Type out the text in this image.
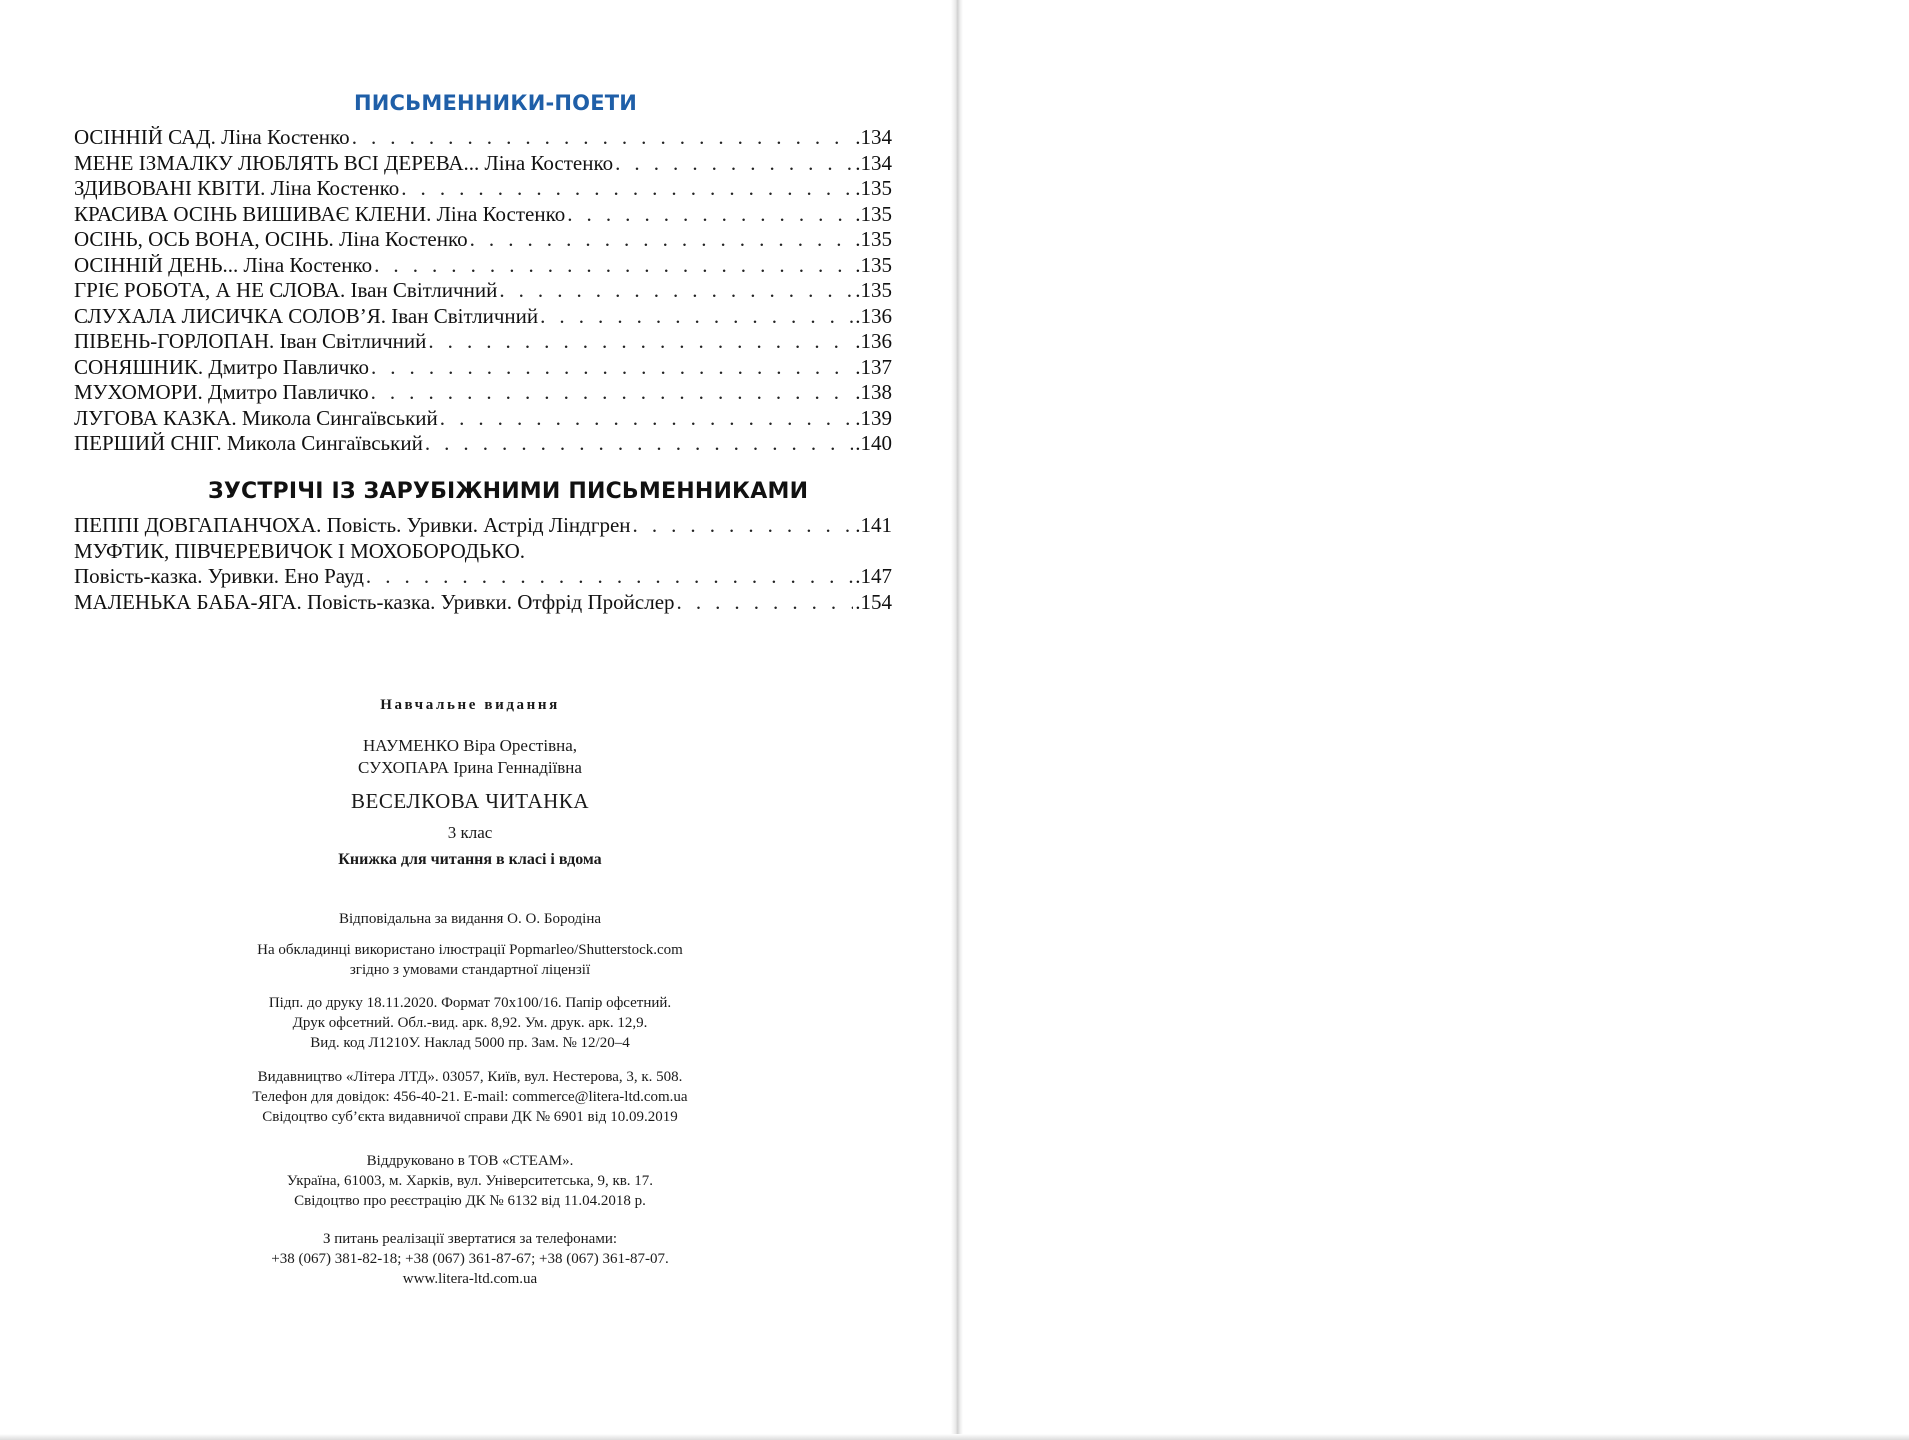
ПИСЬМЕННИКИ-ПОЕТИ
ОСІННІЙ САД. Ліна Костенко . . .	.134
МЕНЕ ІЗМАЛКУ ЛЮБЛЯТЬ ВСІ ДЕРЕВА... Ліна Костенко . . .	.134
ЗДИВОВАНІ КВІТИ. Ліна Костенко . . .	.135
КРАСИВА ОСІНЬ ВИШИВАЄ КЛЕНИ. Ліна Костенко . . .	.135
ОСІНЬ, ОСЬ ВОНА, ОСІНЬ. Ліна Костенко . . .	.135
ОСІННІЙ ДЕНЬ... Ліна Костенко . . .	.135
ГРІЄ РОБОТА, А НЕ СЛОВА. Іван Світличний . . .	.135
СЛУХАЛА ЛИСИЧКА СОЛОВ’Я. Іван Світличний . . .	.136
ПІВЕНЬ-ГОРЛОПАН. Іван Світличний . . .	.136
СОНЯШНИК. Дмитро Павличко . . .	.137
МУХОМОРИ. Дмитро Павличко . . .	.138
ЛУГОВА КАЗКА. Микола Сингаївський . . .	.139
ПЕРШИЙ СНІГ. Микола Сингаївський . . .	.140
ЗУСТРІЧІ ІЗ ЗАРУБІЖНИМИ ПИСЬМЕННИКАМИ
ПЕППІ ДОВГАПАНЧОХА. Повість. Уривки. Астрід Ліндгрен . . .	.141
МУФТИК, ПІВЧЕРЕВИЧОК І МОХОБОРОДЬКО.
Повість-казка. Уривки. Ено Рауд . . .	.147
МАЛЕНЬКА БАБА-ЯГА. Повість-казка. Уривки. Отфрід Пройслер . . .	.154

Навчальне видання

НАУМЕНКО Віра Орестівна,

СУХОПАРА Ірина Геннадіївна

ВЕСЕЛКОВА ЧИТАНКА

3 клас

Книжка для читання в класі і вдома

Відповідальна за видання О. О. Бородіна

На обкладинці використано ілюстрації Popmarleo/Shutterstock.com

згідно з умовами стандартної ліцензії

Підп. до друку 18.11.2020. Формат 70х100/16. Папір офсетний.

Друк офсетний. Обл.-вид. арк. 8,92. Ум. друк. арк. 12,9.

Вид. код Л1210У. Наклад 5000 пр. Зам. № 12/20–4

Видавництво «Літера ЛТД». 03057, Київ, вул. Нестерова, 3, к. 508.

Телефон для довідок: 456-40-21. E-mail: commerce@litera-ltd.com.ua

Свідоцтво суб’єкта видавничої справи ДК № 6901 від 10.09.2019

Віддруковано в ТОВ «СТЕАМ».

Україна, 61003, м. Харків, вул. Університетська, 9, кв. 17.

Свідоцтво про реєстрацію ДК № 6132 від 11.04.2018 р.

З питань реалізації звертатися за телефонами:

+38 (067) 381-82-18; +38 (067) 361-87-67; +38 (067) 361-87-07.

www.litera-ltd.com.ua
